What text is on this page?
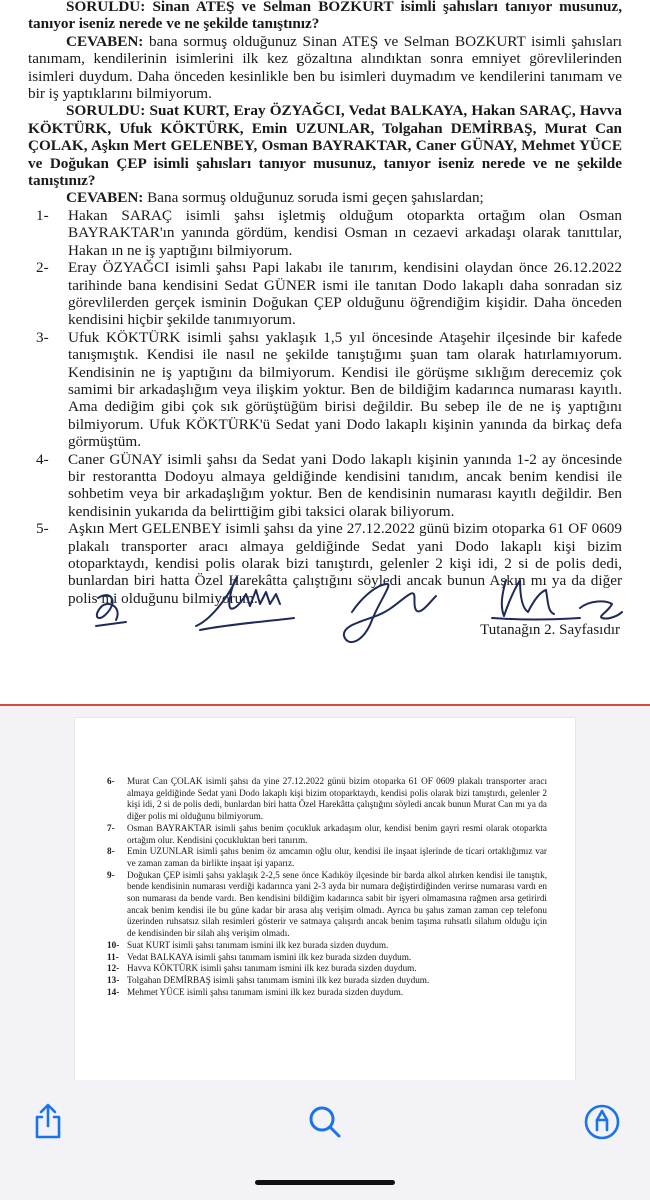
SORULDU: Sinan ATEŞ ve Selman BOZKURT isimli şahısları tanıyor musunuz, tanıyor iseniz nerede ve ne şekilde tanıştınız?

CEVABEN: bana sormuş olduğunuz Sinan ATEŞ ve Selman BOZKURT isimli şahısları tanımam, kendilerinin isimlerini ilk kez gözaltına alındıktan sonra emniyet görevlilerinden isimleri duydum. Daha önceden kesinlikle ben bu isimleri duymadım ve kendilerini tanımam ve bir iş yaptıklarını bilmiyorum.

SORULDU: Suat KURT, Eray ÖZYAĞCI, Vedat BALKAYA, Hakan SARAÇ, Havva KÖKTÜRK, Ufuk KÖKTÜRK, Emin UZUNLAR, Tolgahan DEMİRBAŞ, Murat Can ÇOLAK, Aşkın Mert GELENBEY, Osman BAYRAKTAR, Caner GÜNAY, Mehmet YÜCE ve Doğukan ÇEP isimli şahısları tanıyor musunuz, tanıyor iseniz nerede ve ne şekilde tanıştınız?

CEVABEN: Bana sormuş olduğunuz soruda ismi geçen şahıslardan;

1- Hakan SARAÇ isimli şahsı işletmiş olduğum otoparkta ortağım olan Osman BAYRAKTAR'ın yanında gördüm, kendisi Osman ın cezaevi arkadaşı olarak tanıttılar, Hakan ın ne iş yaptığını bilmiyorum.

2- Eray ÖZYAĞCI isimli şahsı Papi lakabı ile tanırım, kendisini olaydan önce 26.12.2022 tarihinde bana kendisini Sedat GÜNER ismi ile tanıtan Dodo lakaplı daha sonradan siz görevlilerden gerçek isminin Doğukan ÇEP olduğunu öğrendiğim kişidir. Daha önceden kendisini hiçbir şekilde tanımıyorum.

3- Ufuk KÖKTÜRK isimli şahsı yaklaşık 1,5 yıl öncesinde Ataşehir ilçesinde bir kafede tanışmıştık. Kendisi ile nasıl ne şekilde tanıştığımı şuan tam olarak hatırlamıyorum. Kendisinin ne iş yaptığını da bilmiyorum. Kendisi ile görüşme sıklığım derecemiz çok samimi bir arkadaşlığım veya ilişkim yoktur. Ben de bildiğim kadarınca numarası kayıtlı. Ama dediğim gibi çok sık görüştüğüm birisi değildir. Bu sebep ile de ne iş yaptığını bilmiyorum. Ufuk KÖKTÜRK'ü Sedat yani Dodo lakaplı kişinin yanında da birkaç defa görmüştüm.

4- Caner GÜNAY isimli şahsı da Sedat yani Dodo lakaplı kişinin yanında 1-2 ay öncesinde bir restorantta Dodoyu almaya geldiğinde kendisini tanıdım, ancak benim kendisi ile sohbetim veya bir arkadaşlığım yoktur. Ben de kendisinin numarası kayıtlı değildir. Ben kendisinin yukarıda da belirttiğim gibi taksici olarak biliyorum.

5- Aşkın Mert GELENBEY isimli şahsı da yine 27.12.2022 günü bizim otoparka 61 OF 0609 plakalı transporter aracı almaya geldiğinde Sedat yani Dodo lakaplı kişi bizim otoparktaydı, kendisi polis olarak bizi tanıştırdı, gelenler 2 kişi idi, 2 si de polis dedi, bunlardan biri hatta Özel Harekâtta çalıştığını söyledi ancak bunun Aşkın mı ya da diğer polis mi olduğunu bilmiyorum.

Tutanağın 2. Sayfasıdır

6- Murat Can ÇOLAK isimli şahsı da yine 27.12.2022 günü bizim otoparka 61 OF 0609 plakalı transporter aracı almaya geldiğinde Sedat yani Dodo lakaplı kişi bizim otoparktaydı, kendisi polis olarak bizi tanıştırdı, gelenler 2 kişi idi, 2 si de polis dedi, bunlardan biri hatta Özel Harekâtta çalıştığını söyledi ancak bunun Murat Can mı ya da diğer polis mi olduğunu bilmiyorum.

7- Osman BAYRAKTAR isimli şahıs benim çocukluk arkadaşım olur, kendisi benim gayri resmi olarak otoparkta ortağım olur. Kendisini çocukluktan beri tanırım.

8- Emin UZUNLAR isimli şahıs benim öz amcamın oğlu olur, kendisi ile inşaat işlerinde de ticari ortaklığımız var ve zaman zaman da birlikte inşaat işi yaparız.

9- Doğukan ÇEP isimli şahsı yaklaşık 2-2,5 sene önce Kadıköy ilçesinde bir barda alkol alırken kendisi ile tanıştık, bende kendisinin numarası verdiği kadarınca yani 2-3 ayda bir numara değiştirdiğinden verirse numarası vardı en son numarası da bende vardı. Ben kendisini bildiğim kadarınca sabit bir işyeri olmamasına rağmen arsa getirirdi ancak benim kendisi ile bu güne kadar bir arasa alış verişim olmadı. Ayrıca bu şahıs zaman zaman cep telefonu üzerinden ruhsatsız silah resimleri gösterir ve satmaya çalışırdı ancak benim taşıma ruhsatlı silahım olduğu için de kendisinden bir silah alış verişim olmadı.

10- Suat KURT isimli şahsı tanımam ismini ilk kez burada sizden duydum.

11- Vedat BALKAYA isimli şahsı tanımam ismini ilk kez burada sizden duydum.

12- Havva KÖKTÜRK isimli şahsı tanımam ismini ilk kez burada sizden duydum.

13- Tolgahan DEMİRBAŞ isimli şahsı tanımam ismini ilk kez burada sizden duydum.

14- Mehmet YÜCE isimli şahsı tanımam ismini ilk kez burada sizden duydum.
